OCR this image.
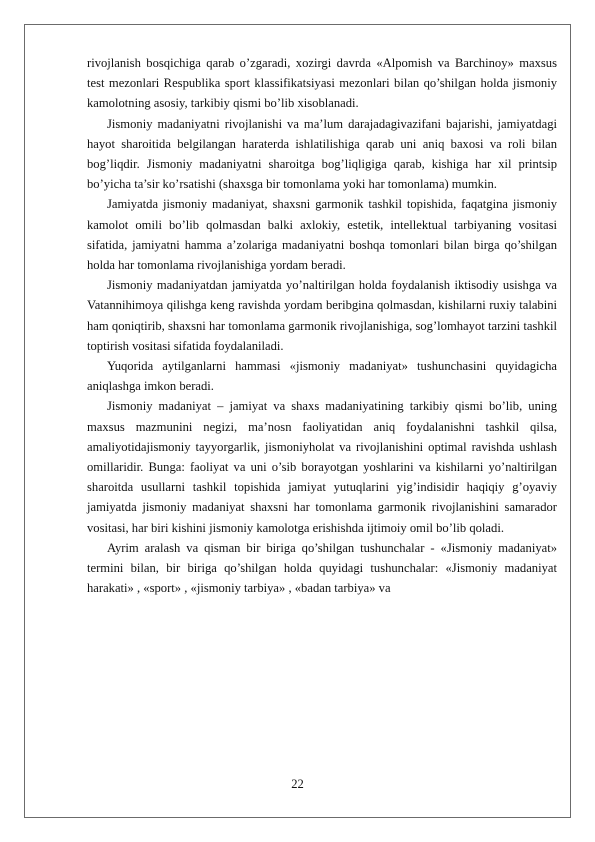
rivojlanish bosqichiga qarab o’zgaradi, xozirgi davrda «Alpomish va Barchinoy» maxsus test mezonlari Respublika sport klassifikatsiyasi mezonlari bilan qo’shilgan holda jismoniy kamolotning asosiy, tarkibiy qismi bo’lib xisoblanadi.

Jismoniy madaniyatni rivojlanishi va ma’lum darajadagivazifani bajarishi, jamiyatdagi hayot sharoitida belgilangan haraterda ishlatilishiga qarab uni aniq baxosi va roli bilan bog’liqdir. Jismoniy madaniyatni sharoitga bog’liqligiga qarab, kishiga har xil printsip bo’yicha ta’sir ko’rsatishi (shaxsga bir tomonlama yoki har tomonlama) mumkin.

Jamiyatda jismoniy madaniyat, shaxsni garmonik tashkil topishida, faqatgina jismoniy kamolot omili bo’lib qolmasdan balki axlokiy, estetik, intellektual tarbiyaning vositasi sifatida, jamiyatni hamma a’zolariga madaniyatni boshqa tomonlari bilan birga qo’shilgan holda har tomonlama rivojlanishiga yordam beradi.

Jismoniy madaniyatdan jamiyatda yo’naltirilgan holda foydalanish iktisodiy usishga va Vatannihimoya qilishga keng ravishda yordam beribgina qolmasdan, kishilarni ruxiy talabini ham qoniqtirib, shaxsni har tomonlama garmonik rivojlanishiga, sog’lomhayot tarzini tashkil toptirish vositasi sifatida foydalaniladi.

Yuqorida aytilganlarni hammasi «jismoniy madaniyat» tushunchasini quyidagicha aniqlashga imkon beradi.

Jismoniy madaniyat – jamiyat va shaxs madaniyatining tarkibiy qismi bo’lib, uning maxsus mazmunini negizi, ma’nosn faoliyatidan aniq foydalanishni tashkil qilsa, amaliyotidajismoniy tayyorgarlik, jismoniyholat va rivojlanishini optimal ravishda ushlash omillaridir. Bunga: faoliyat va uni o’sib borayotgan yoshlarini va kishilarni yo’naltirilgan sharoitda usullarni tashkil topishida jamiyat yutuqlarini yig’indisidir haqiqiy g’oyaviy jamiyatda jismoniy madaniyat shaxsni har tomonlama garmonik rivojlanishini samarador vositasi, har biri kishini jismoniy kamolotga erishishda ijtimoiy omil bo’lib qoladi.

Ayrim aralash va qisman bir biriga qo’shilgan tushunchalar - «Jismoniy madaniyat» termini bilan, bir biriga qo’shilgan holda quyidagi tushunchalar: «Jismoniy madaniyat harakati» , «sport» , «jismoniy tarbiya» , «badan tarbiya» va

22
